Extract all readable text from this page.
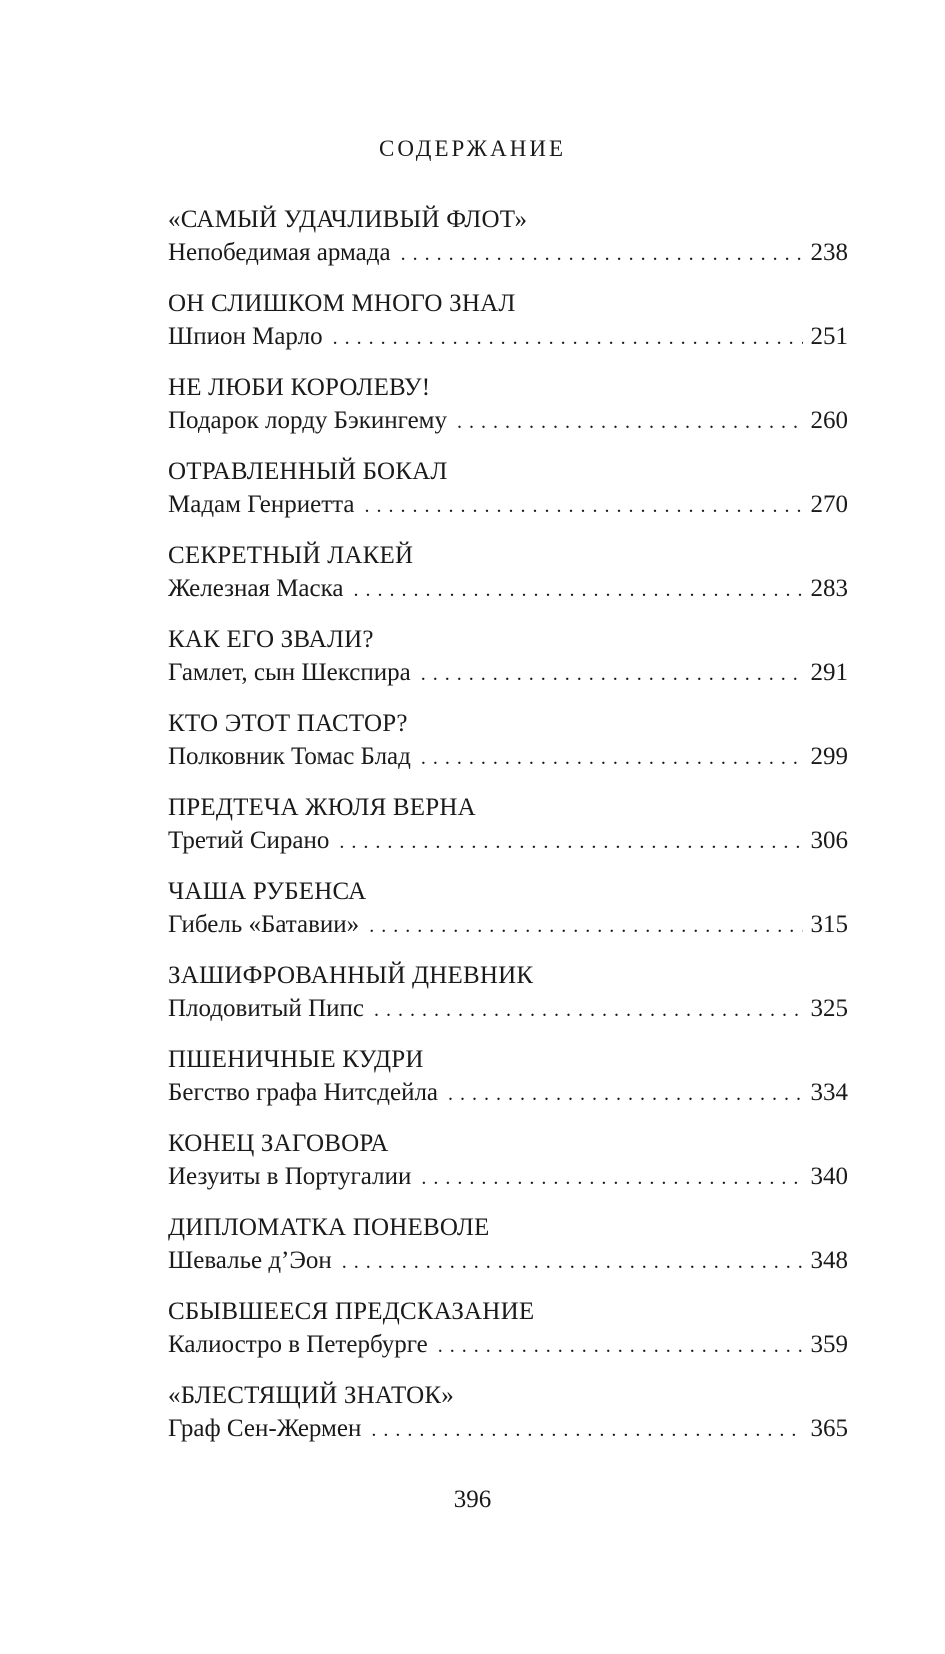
СОДЕРЖАНИЕ
«САМЫЙ УДАЧЛИВЫЙ ФЛОТ»
Непобедимая армада . . .	238
ОН СЛИШКОМ МНОГО ЗНАЛ
Шпион Марло . . .	251
НЕ ЛЮБИ КОРОЛЕВУ!
Подарок лорду Бэкингему . . .	260
ОТРАВЛЕННЫЙ БОКАЛ
Мадам Генриетта . . .	270
СЕКРЕТНЫЙ ЛАКЕЙ
Железная Маска . . .	283
КАК ЕГО ЗВАЛИ?
Гамлет, сын Шекспира . . .	291
КТО ЭТОТ ПАСТОР?
Полковник Томас Блад . . .	299
ПРЕДТЕЧА ЖЮЛЯ ВЕРНА
Третий Сирано . . .	306
ЧАША РУБЕНСА
Гибель «Батавии» . . .	315
ЗАШИФРОВАННЫЙ ДНЕВНИК
Плодовитый Пипс . . .	325
ПШЕНИЧНЫЕ КУДРИ
Бегство графа Нитсдейла . . .	334
КОНЕЦ ЗАГОВОРА
Иезуиты в Португалии . . .	340
ДИПЛОМАТКА ПОНЕВОЛЕ
Шевалье д’Эон . . .	348
СБЫВШЕЕСЯ ПРЕДСКАЗАНИЕ
Калиостро в Петербурге . . .	359
«БЛЕСТЯЩИЙ ЗНАТОК»
Граф Сен-Жермен . . .	365
396
